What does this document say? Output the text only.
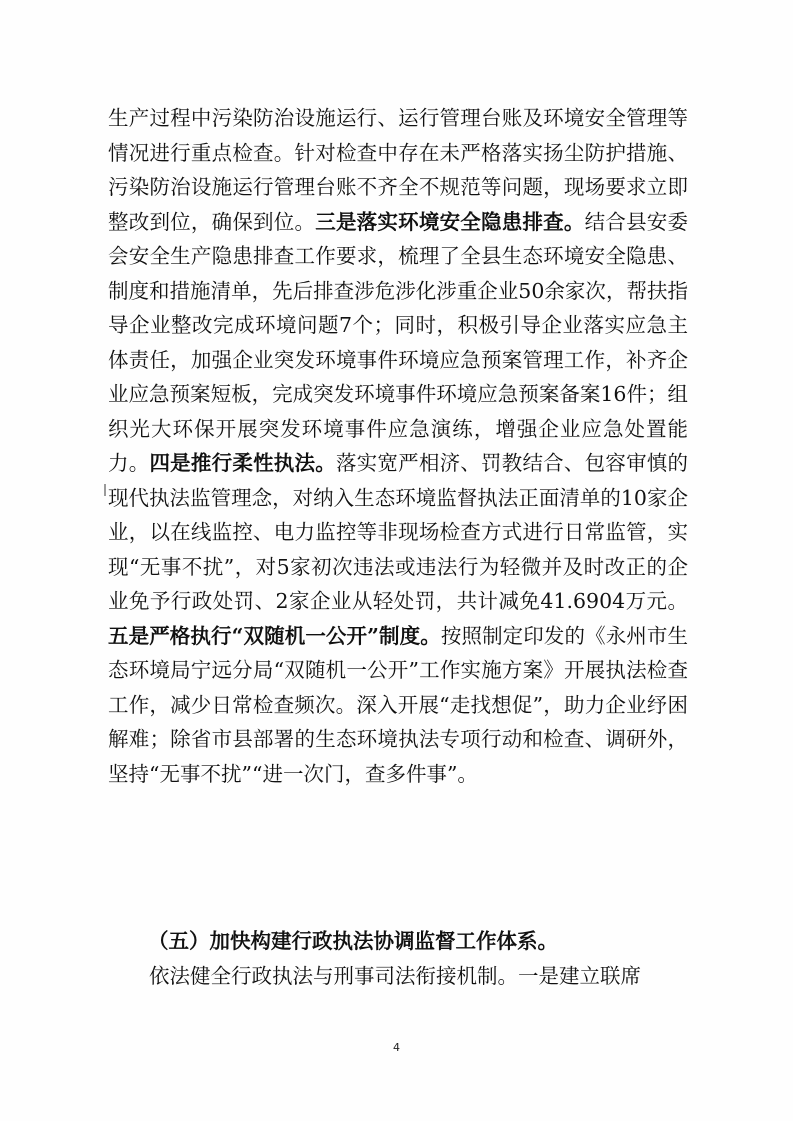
生产过程中污染防治设施运行、运行管理台账及环境安全管理等情况进行重点检查。针对检查中存在未严格落实扬尘防护措施、污染防治设施运行管理台账不齐全不规范等问题，现场要求立即整改到位，确保到位。三是落实环境安全隐患排查。结合县安委会安全生产隐患排查工作要求，梳理了全县生态环境安全隐患、制度和措施清单，先后排查涉危涉化涉重企业50余家次，帮扶指导企业整改完成环境问题7个；同时，积极引导企业落实应急主体责任，加强企业突发环境事件环境应急预案管理工作，补齐企业应急预案短板，完成突发环境事件环境应急预案备案16件；组织光大环保开展突发环境事件应急演练，增强企业应急处置能力。四是推行柔性执法。落实宽严相济、罚教结合、包容审慎的现代执法监管理念，对纳入生态环境监督执法正面清单的10家企业，以在线监控、电力监控等非现场检查方式进行日常监管，实现“无事不扰”，对5家初次违法或违法行为轻微并及时改正的企业免予行政处罚、2家企业从轻处罚，共计减免41.6904万元。五是严格执行“双随机一公开”制度。按照制定印发的《永州市生态环境局宁远分局“双随机一公开”工作实施方案》开展执法检查工作，减少日常检查频次。深入开展“走找想促”，助力企业纾困解难；除省市县部署的生态环境执法专项行动和检查、调研外，坚持“无事不扰”“进一次门，查多件事”。

（五）加快构建行政执法协调监督工作体系。

依法健全行政执法与刑事司法衔接机制。一是建立联席

4
